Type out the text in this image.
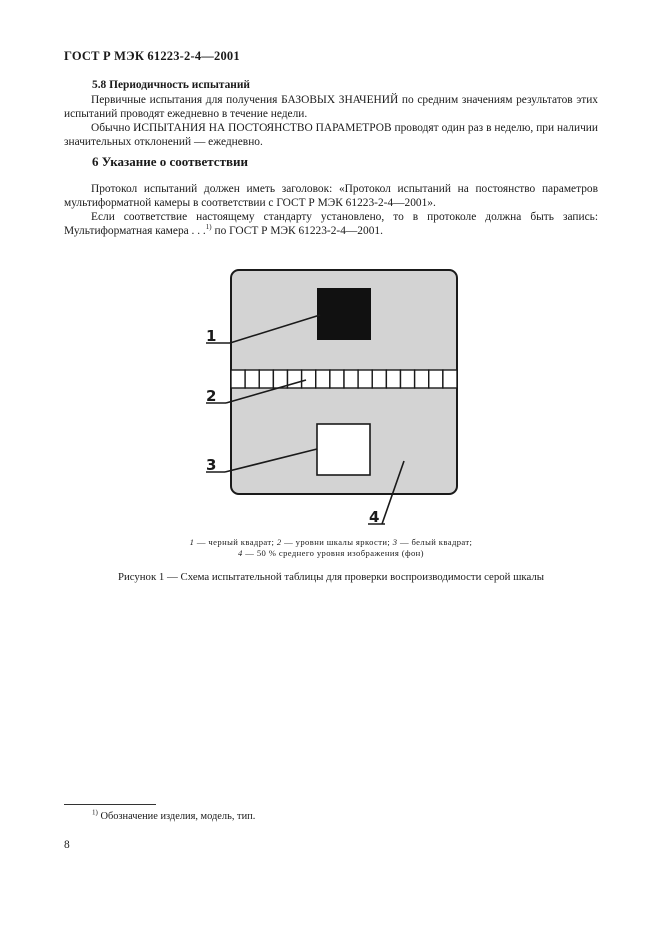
ГОСТ Р МЭК 61223-2-4—2001
5.8 Периодичность испытаний
Первичные испытания для получения БАЗОВЫХ ЗНАЧЕНИЙ по средним значениям результатов этих испытаний проводят ежедневно в течение недели.
Обычно ИСПЫТАНИЯ НА ПОСТОЯНСТВО ПАРАМЕТРОВ проводят один раз в неделю, при наличии значительных отклонений — ежедневно.
6 Указание о соответствии
Протокол испытаний должен иметь заголовок: «Протокол испытаний на постоянство параметров мультиформатной камеры в соответствии с ГОСТ Р МЭК 61223-2-4—2001».
Если соответствие настоящему стандарту установлено, то в протоколе должна быть запись: Мультиформатная камера . . .$^{1)}$ по ГОСТ Р МЭК 61223-2-4—2001.
1
2
3
4
1 — черный квадрат; 2 — уровни шкалы яркости; 3 — белый квадрат;
4 — 50 % среднего уровня изображения (фон)
Рисунок 1 — Схема испытательной таблицы для проверки воспроизводимости серой шкалы
$^{1)}$ Обозначение изделия, модель, тип.
8
